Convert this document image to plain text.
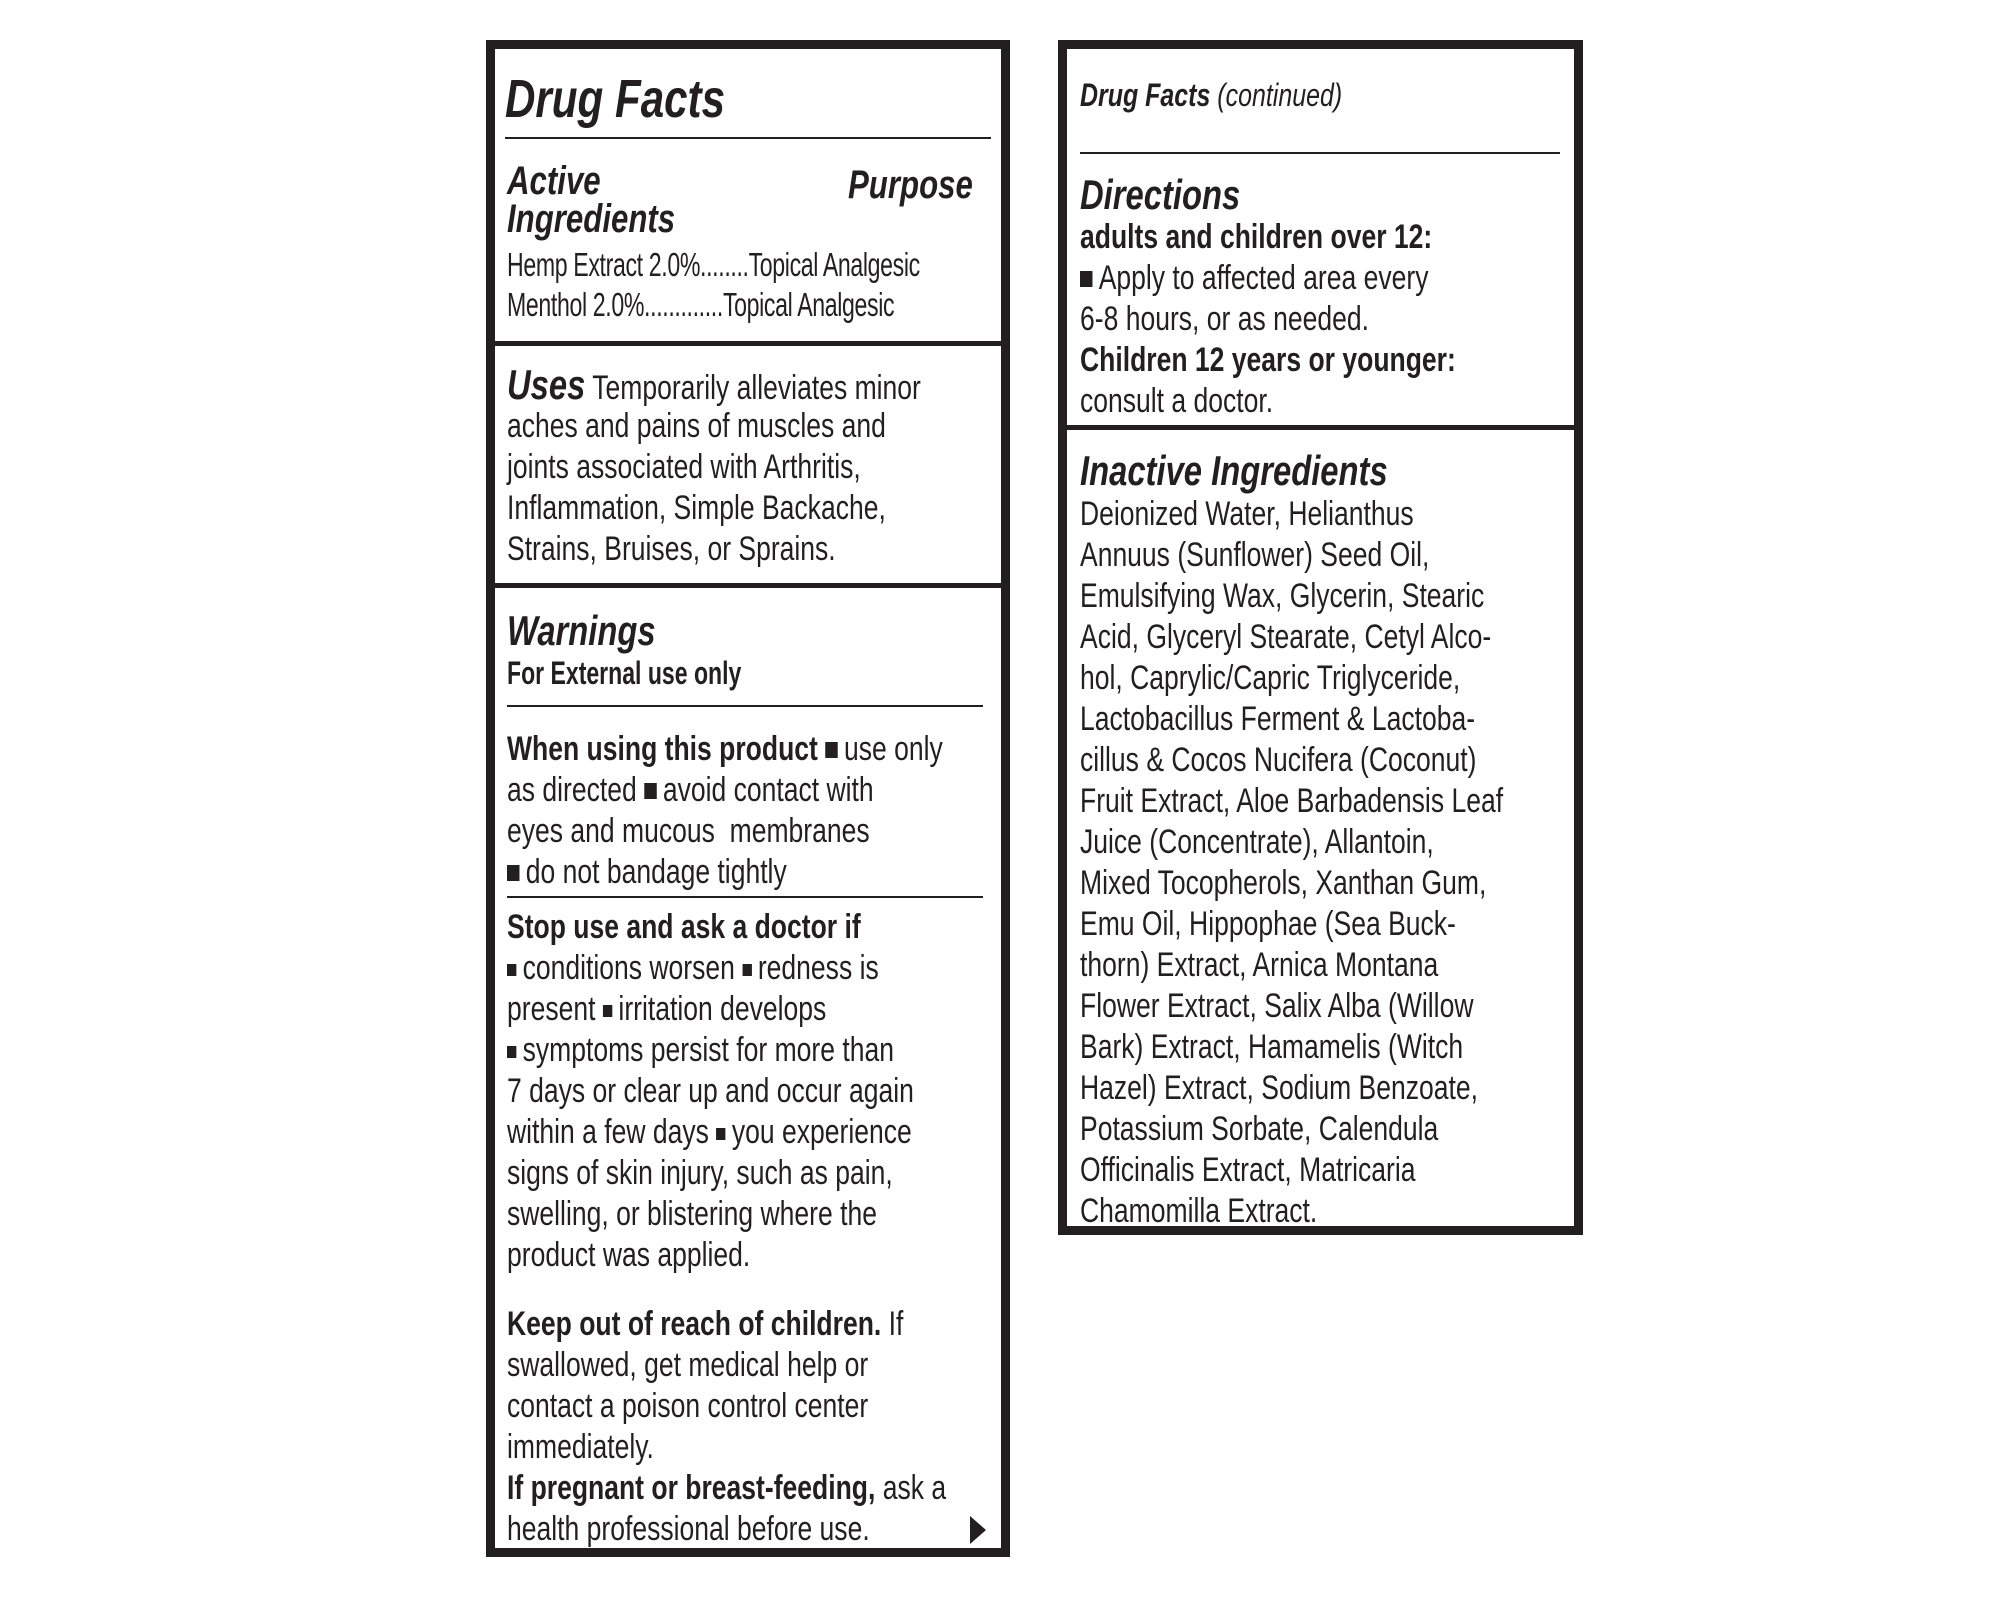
Drug Facts
Active
Ingredients
Purpose
Hemp Extract 2.0%........Topical Analgesic
Menthol 2.0%.............Topical Analgesic
Uses Temporarily alleviates minor
aches and pains of muscles and
joints associated with Arthritis,
Inflammation, Simple Backache,
Strains, Bruises, or Sprains.
Warnings
For External use only
When using this product use only
as directed avoid contact with
eyes and mucous  membranes
do not bandage tightly
Stop use and ask a doctor if
conditions worsen redness is
present irritation develops
symptoms persist for more than
7 days or clear up and occur again
within a few days you experience
signs of skin injury, such as pain,
swelling, or blistering where the
product was applied.
Keep out of reach of children. If
swallowed, get medical help or
contact a poison control center
immediately.
If pregnant or breast-feeding, ask a
health professional before use.
Drug Facts (continued)
Directions
adults and children over 12:
Apply to affected area every
6-8 hours, or as needed.
Children 12 years or younger:
consult a doctor.
Inactive Ingredients
Deionized Water, Helianthus
Annuus (Sunflower) Seed Oil,
Emulsifying Wax, Glycerin, Stearic
Acid, Glyceryl Stearate, Cetyl Alco-
hol, Caprylic/Capric Triglyceride,
Lactobacillus Ferment & Lactoba-
cillus & Cocos Nucifera (Coconut)
Fruit Extract, Aloe Barbadensis Leaf
Juice (Concentrate), Allantoin,
Mixed Tocopherols, Xanthan Gum,
Emu Oil, Hippophae (Sea Buck-
thorn) Extract, Arnica Montana
Flower Extract, Salix Alba (Willow
Bark) Extract, Hamamelis (Witch
Hazel) Extract, Sodium Benzoate,
Potassium Sorbate, Calendula
Officinalis Extract, Matricaria
Chamomilla Extract.
